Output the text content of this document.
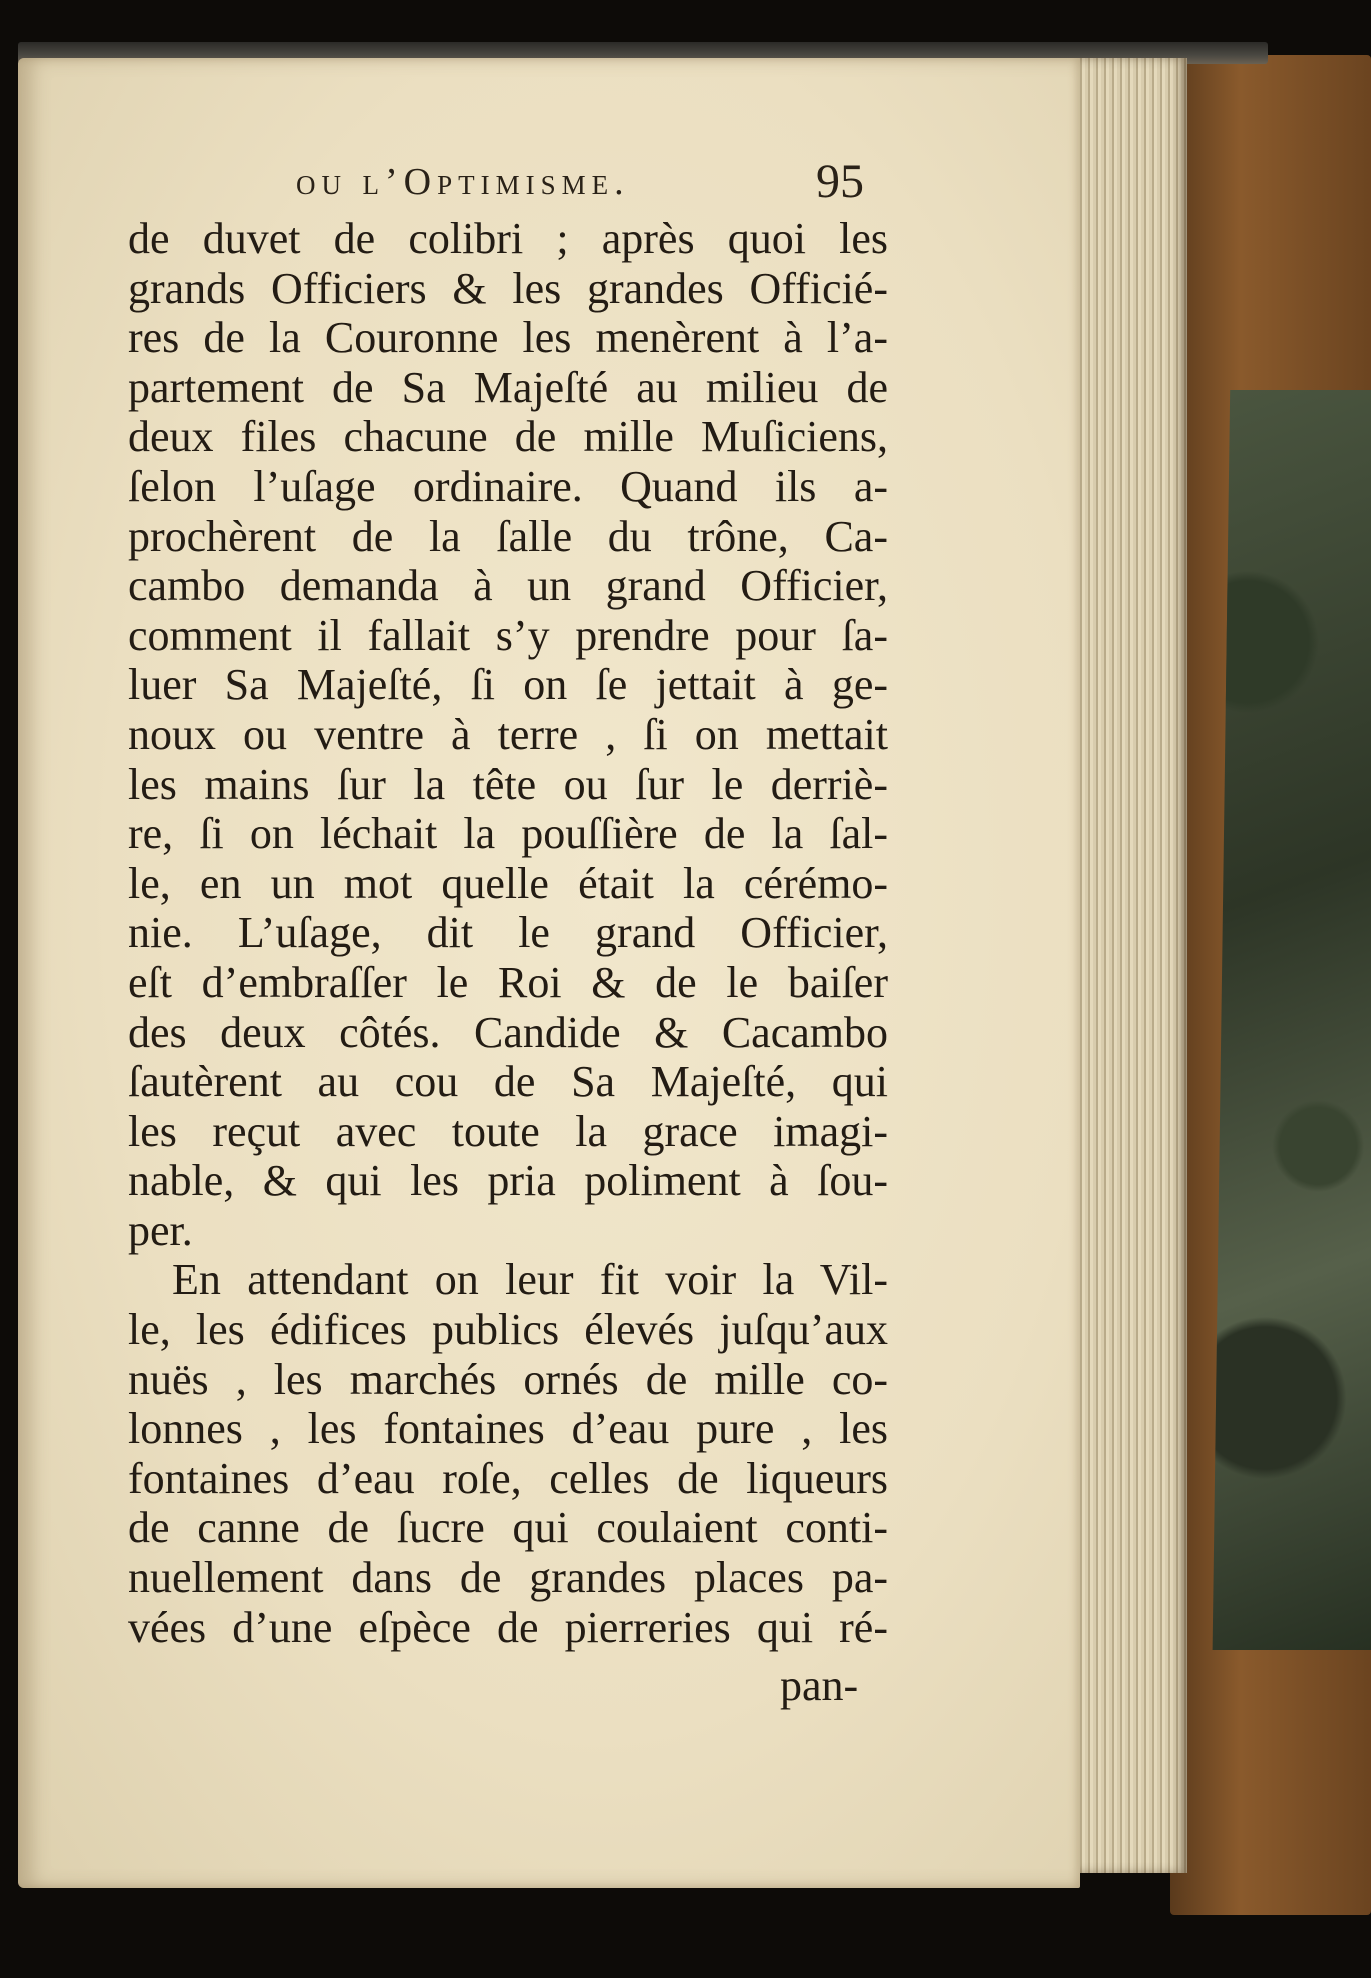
ou l’Optimisme.	95
de duvet de colibri ; après quoi les
grands Officiers & les grandes Officié-
res de la Couronne les menèrent à l’a-
partement de Sa Majeſté au milieu de
deux files chacune de mille Muſiciens,
ſelon l’uſage ordinaire. Quand ils a-
prochèrent de la ſalle du trône, Ca-
cambo demanda à un grand Officier,
comment il fallait s’y prendre pour ſa-
luer Sa Majeſté, ſi on ſe jettait à ge-
noux ou ventre à terre , ſi on mettait
les mains ſur la tête ou ſur le derriè-
re, ſi on léchait la pouſſière de la ſal-
le, en un mot quelle était la cérémo-
nie. L’uſage, dit le grand Officier,
eſt d’embraſſer le Roi & de le baiſer
des deux côtés. Candide & Cacambo
ſautèrent au cou de Sa Majeſté, qui
les reçut avec toute la grace imagi-
nable, & qui les pria poliment à ſou-
per.
En attendant on leur fit voir la Vil-
le, les édifices publics élevés juſqu’aux
nuës , les marchés ornés de mille co-
lonnes , les fontaines d’eau pure , les
fontaines d’eau roſe, celles de liqueurs
de canne de ſucre qui coulaient conti-
nuellement dans de grandes places pa-
vées d’une eſpèce de pierreries qui ré-
pan-
